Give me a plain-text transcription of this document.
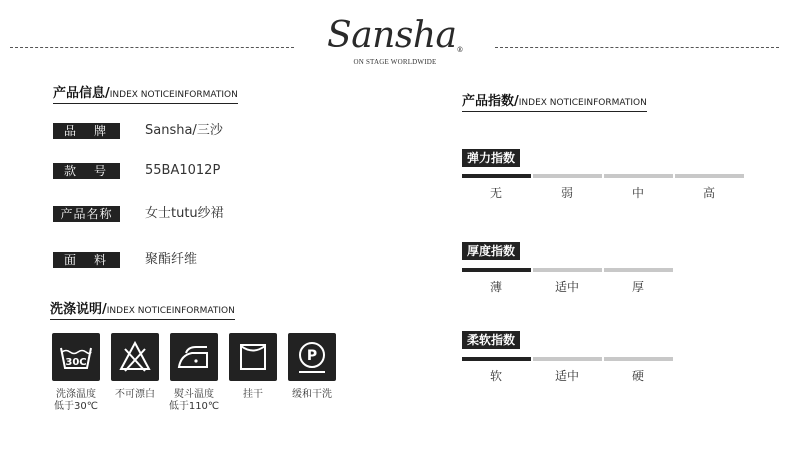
Sansha®
ON STAGE WORLDWIDE
产品信息/INDEX NOTICEINFORMATION
品　牌	Sansha/三沙
款　号	55BA1012P
产品名称	女士tutu纱裙
面　料	聚酯纤维
洗涤说明/INDEX NOTICEINFORMATION
30C
洗涤温度
低于30℃
不可漂白	熨斗温度
低于110℃
挂干
P
缓和干洗
产品指数/INDEX NOTICEINFORMATION
弹力指数
无	弱	中	高
厚度指数
薄	适中	厚
柔软指数
软	适中	硬
